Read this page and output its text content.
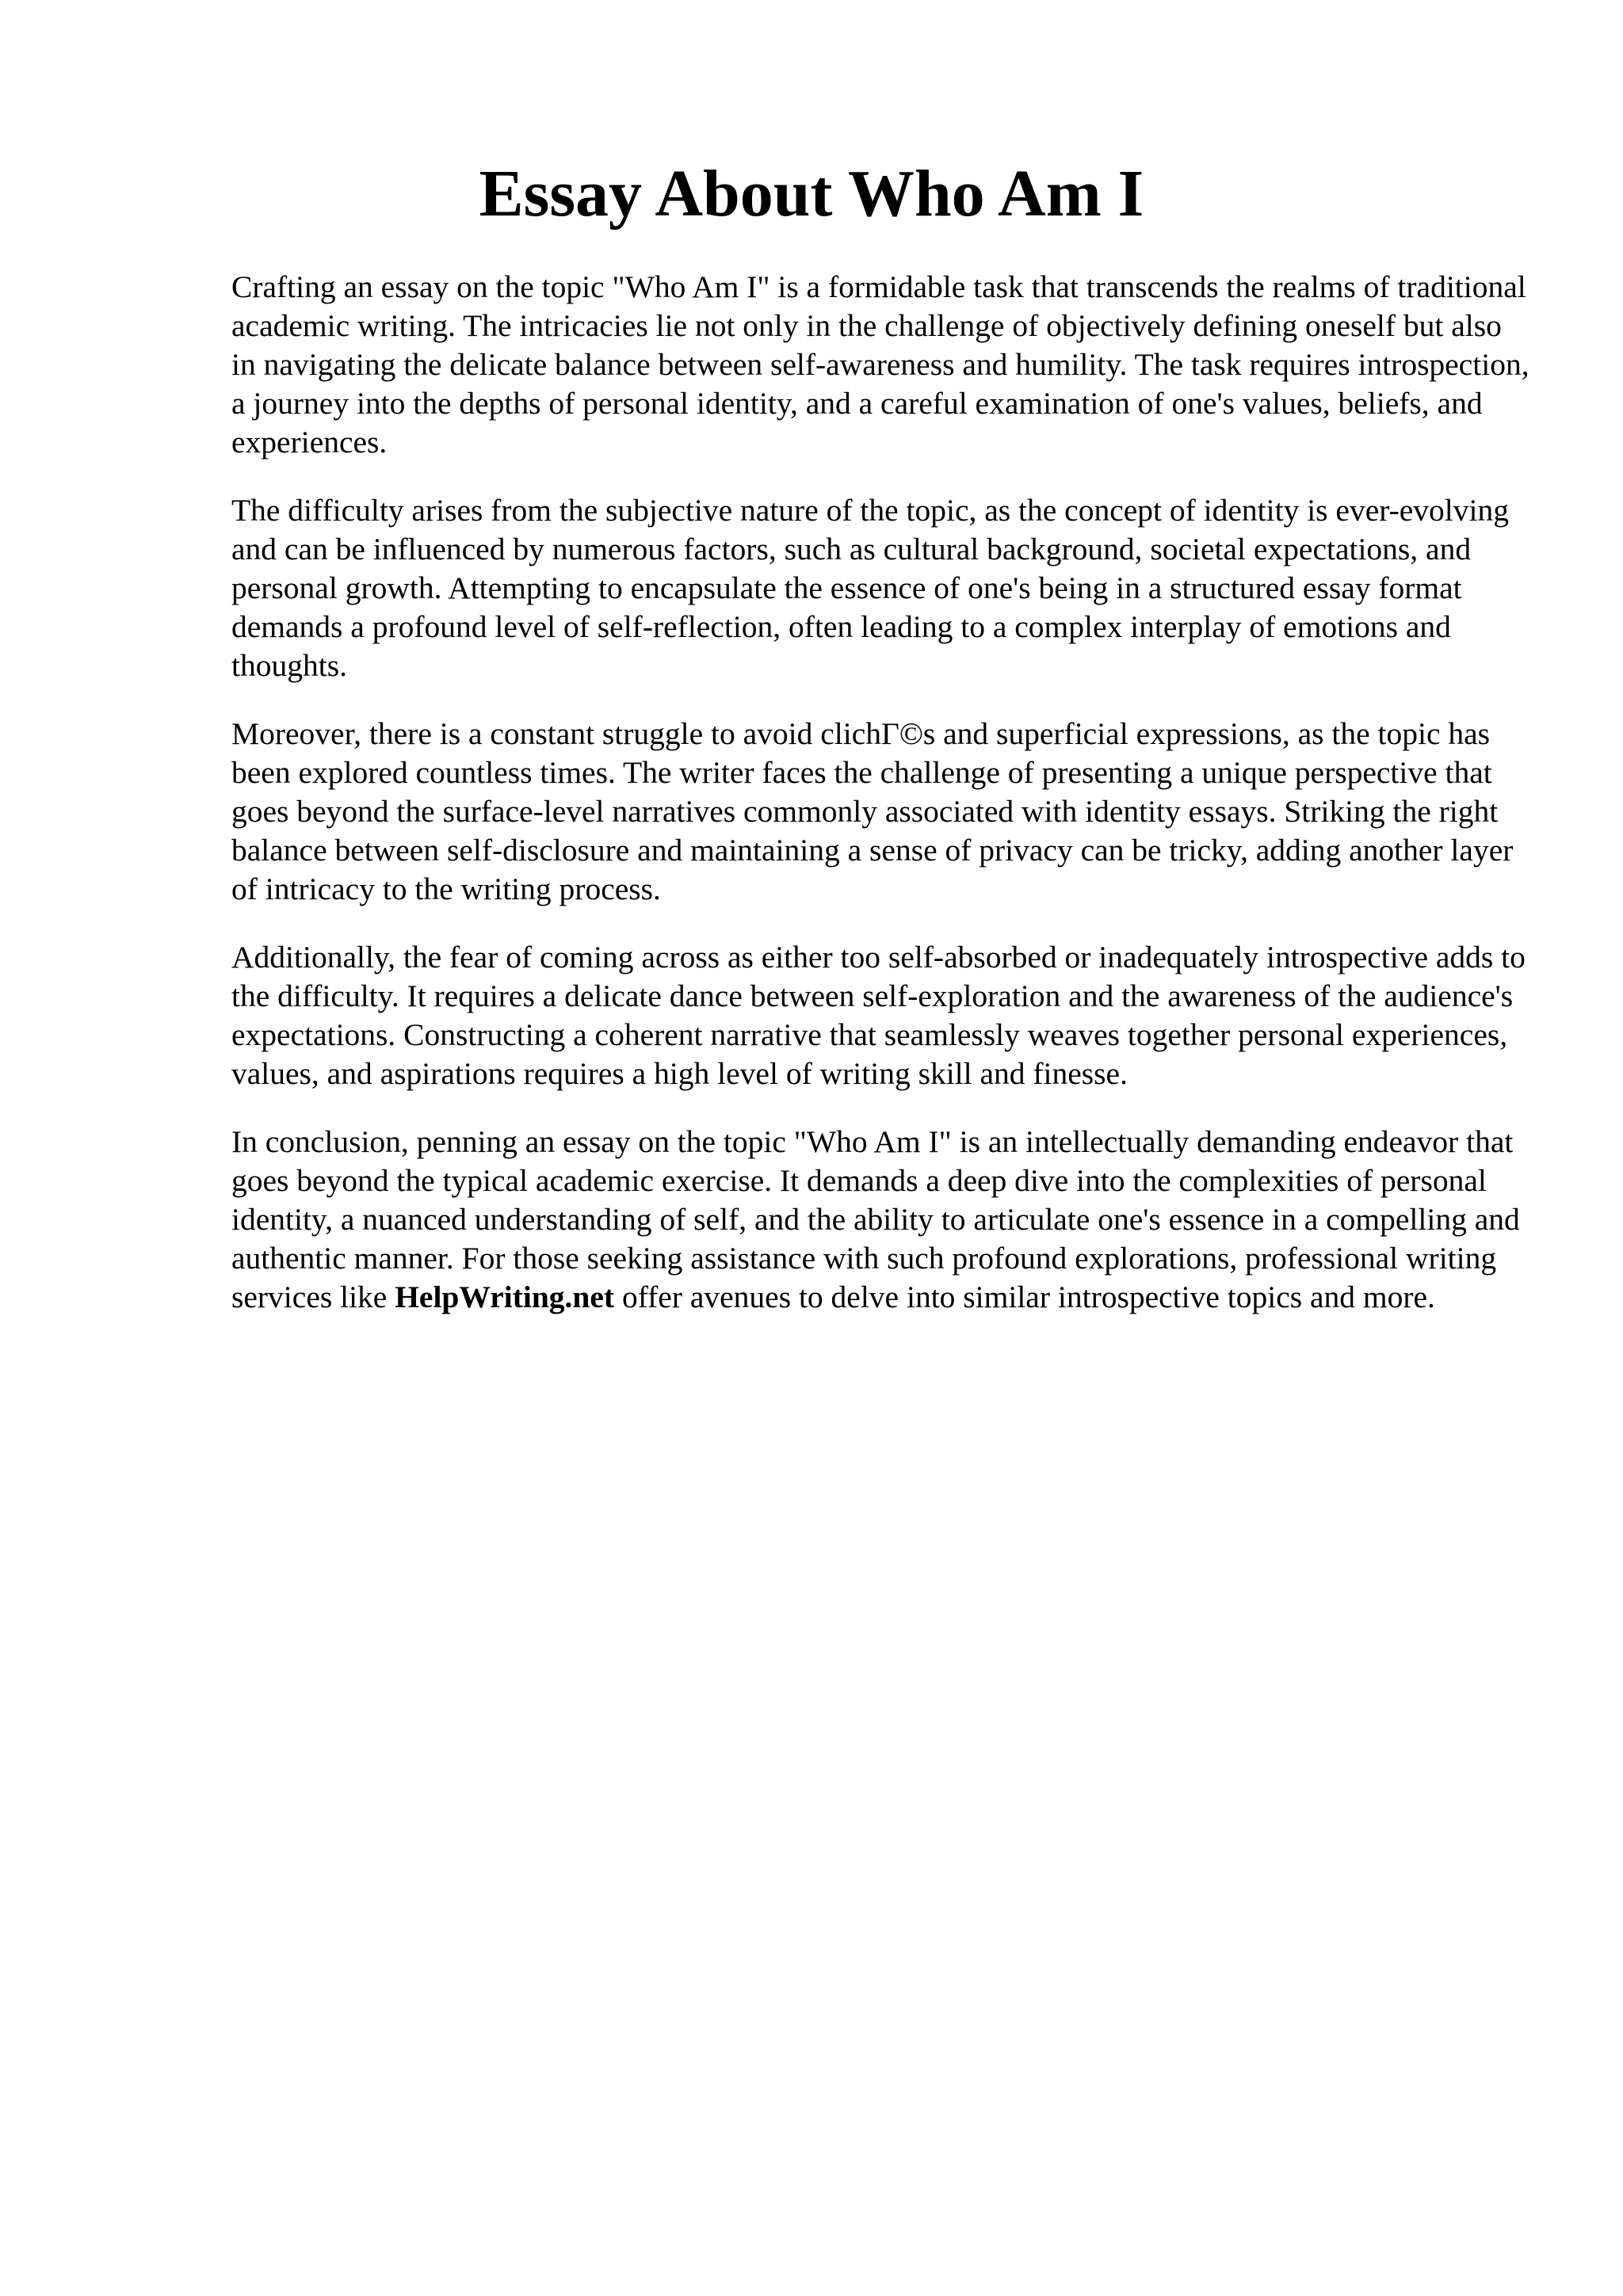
Essay About Who Am I

Crafting an essay on the topic "Who Am I" is a formidable task that transcends the realms of traditional academic writing. The intricacies lie not only in the challenge of objectively defining oneself but also in navigating the delicate balance between self-awareness and humility. The task requires introspection, a journey into the depths of personal identity, and a careful examination of one's values, beliefs, and experiences.

The difficulty arises from the subjective nature of the topic, as the concept of identity is ever-evolving and can be influenced by numerous factors, such as cultural background, societal expectations, and personal growth. Attempting to encapsulate the essence of one's being in a structured essay format demands a profound level of self-reflection, often leading to a complex interplay of emotions and thoughts.

Moreover, there is a constant struggle to avoid clichΓ©s and superficial expressions, as the topic has been explored countless times. The writer faces the challenge of presenting a unique perspective that goes beyond the surface-level narratives commonly associated with identity essays. Striking the right balance between self-disclosure and maintaining a sense of privacy can be tricky, adding another layer of intricacy to the writing process.

Additionally, the fear of coming across as either too self-absorbed or inadequately introspective adds to the difficulty. It requires a delicate dance between self-exploration and the awareness of the audience's expectations. Constructing a coherent narrative that seamlessly weaves together personal experiences, values, and aspirations requires a high level of writing skill and finesse.

In conclusion, penning an essay on the topic "Who Am I" is an intellectually demanding endeavor that goes beyond the typical academic exercise. It demands a deep dive into the complexities of personal identity, a nuanced understanding of self, and the ability to articulate one's essence in a compelling and authentic manner. For those seeking assistance with such profound explorations, professional writing services like HelpWriting.net offer avenues to delve into similar introspective topics and more.
